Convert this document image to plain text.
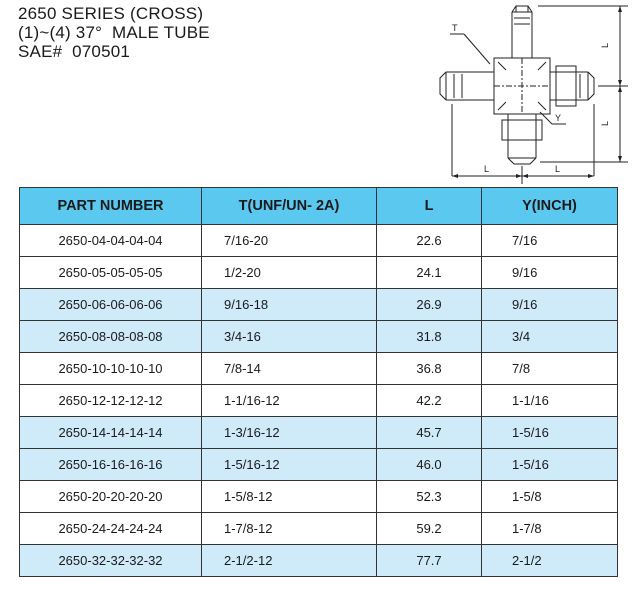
2650 SERIES (CROSS)
(1)~(4) 37°  MALE TUBE
SAE#  070501
T
Y
L	L
L
L
PART NUMBER	T(UNF/UN- 2A)	L	Y(INCH)
2650-04-04-04-04	7/16-20	22.6	7/16
2650-05-05-05-05	1/2-20	24.1	9/16
2650-06-06-06-06	9/16-18	26.9	9/16
2650-08-08-08-08	3/4-16	31.8	3/4
2650-10-10-10-10	7/8-14	36.8	7/8
2650-12-12-12-12	1-1/16-12	42.2	1-1/16
2650-14-14-14-14	1-3/16-12	45.7	1-5/16
2650-16-16-16-16	1-5/16-12	46.0	1-5/16
2650-20-20-20-20	1-5/8-12	52.3	1-5/8
2650-24-24-24-24	1-7/8-12	59.2	1-7/8
2650-32-32-32-32	2-1/2-12	77.7	2-1/2
